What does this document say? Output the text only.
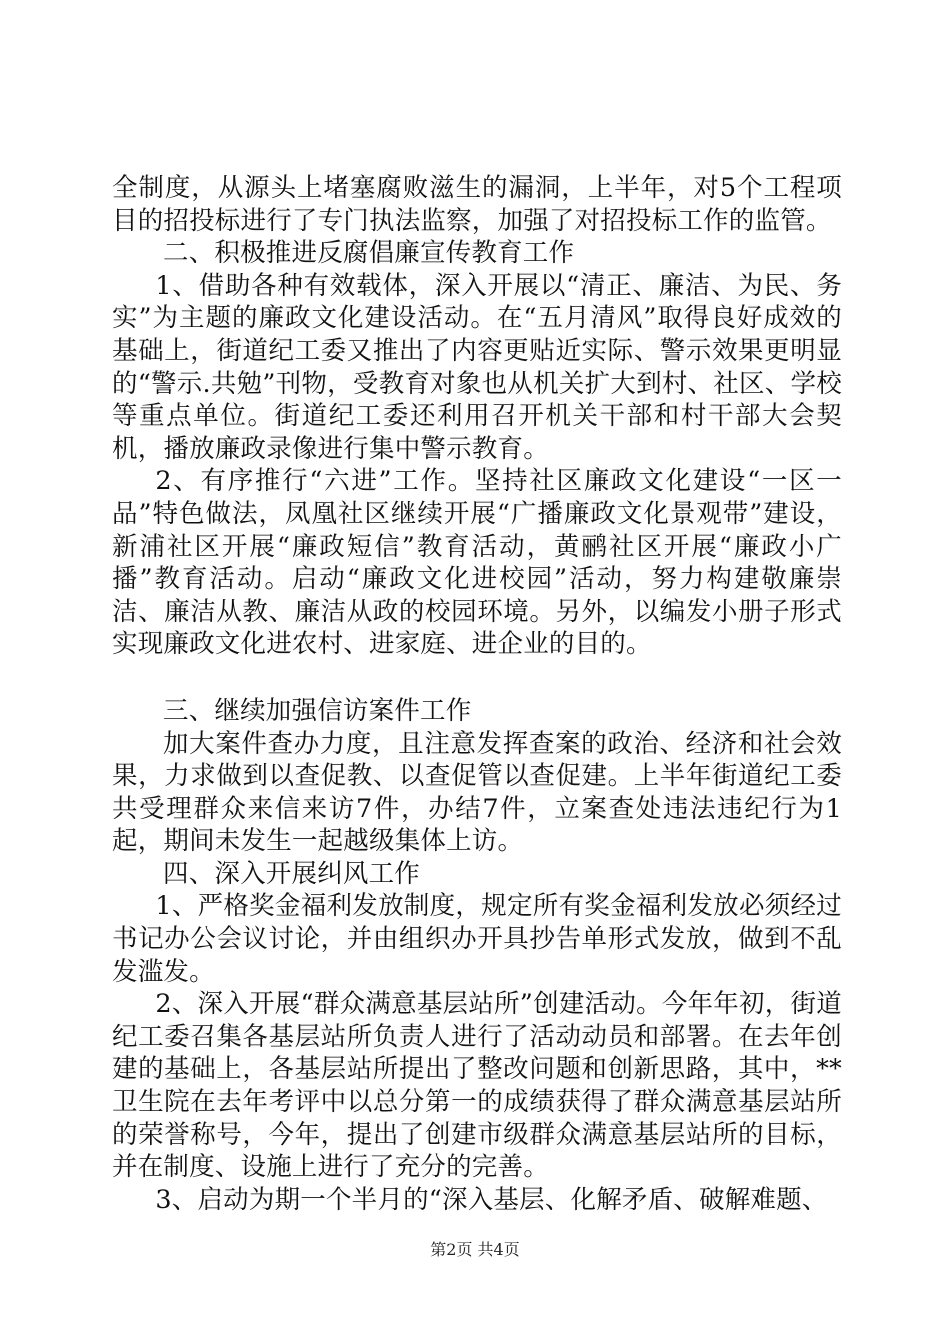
全制度，从源头上堵塞腐败滋生的漏洞，上半年，对5个工程项目的招投标进行了专门执法监察，加强了对招投标工作的监管。

二、积极推进反腐倡廉宣传教育工作

1、借助各种有效载体，深入开展以“清正、廉洁、为民、务实”为主题的廉政文化建设活动。在“五月清风”取得良好成效的基础上，街道纪工委又推出了内容更贴近实际、警示效果更明显的“警示.共勉”刊物，受教育对象也从机关扩大到村、社区、学校等重点单位。街道纪工委还利用召开机关干部和村干部大会契机，播放廉政录像进行集中警示教育。

2、有序推行“六进”工作。坚持社区廉政文化建设“一区一品”特色做法，凤凰社区继续开展“广播廉政文化景观带”建设，新浦社区开展“廉政短信”教育活动，黄鹂社区开展“廉政小广播”教育活动。启动“廉政文化进校园”活动，努力构建敬廉崇洁、廉洁从教、廉洁从政的校园环境。另外，以编发小册子形式实现廉政文化进农村、进家庭、进企业的目的。

三、继续加强信访案件工作

加大案件查办力度，且注意发挥查案的政治、经济和社会效果，力求做到以查促教、以查促管以查促建。上半年街道纪工委共受理群众来信来访7件，办结7件，立案查处违法违纪行为1起，期间未发生一起越级集体上访。

四、深入开展纠风工作

1、严格奖金福利发放制度，规定所有奖金福利发放必须经过书记办公会议讨论，并由组织办开具抄告单形式发放，做到不乱发滥发。

2、深入开展“群众满意基层站所”创建活动。今年年初，街道纪工委召集各基层站所负责人进行了活动动员和部署。在去年创建的基础上，各基层站所提出了整改问题和创新思路，其中，**卫生院在去年考评中以总分第一的成绩获得了群众满意基层站所的荣誉称号，今年，提出了创建市级群众满意基层站所的目标，并在制度、设施上进行了充分的完善。

3、启动为期一个半月的“深入基层、化解矛盾、破解难题、

第2页 共4页
